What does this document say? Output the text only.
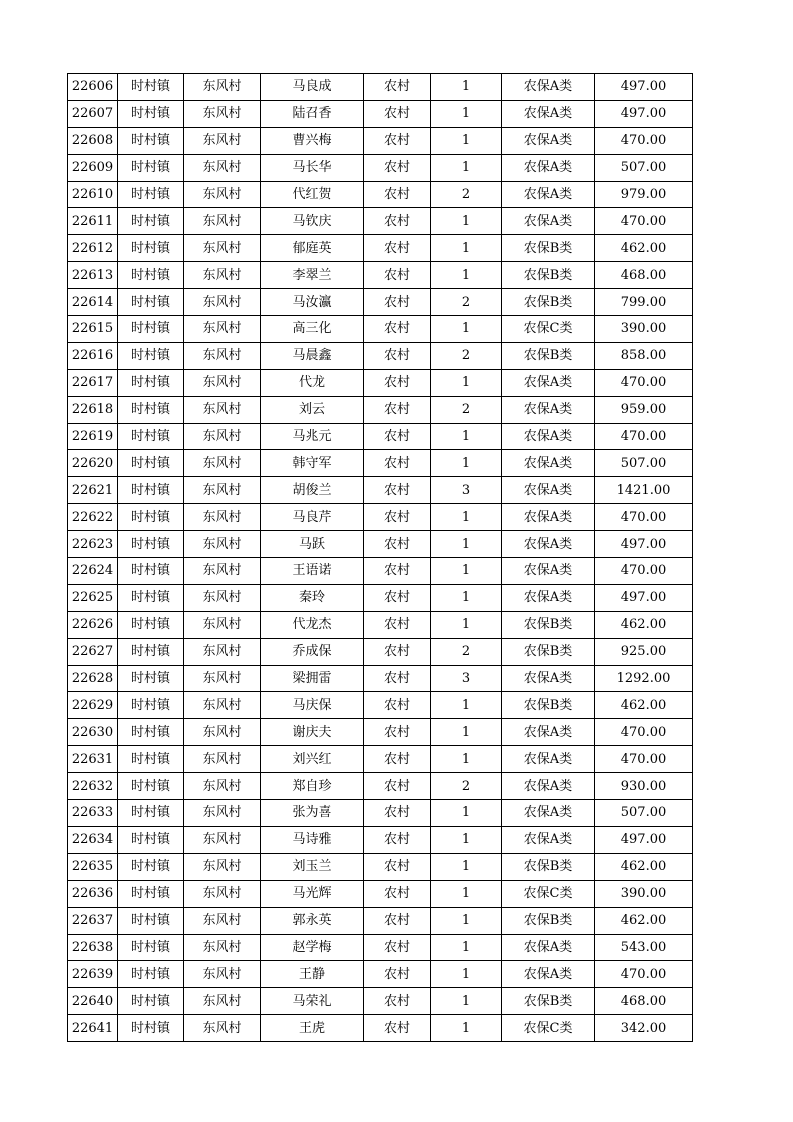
22606	时村镇	东风村	马良成	农村	1	农保A类	497.00
22607	时村镇	东风村	陆召香	农村	1	农保A类	497.00
22608	时村镇	东风村	曹兴梅	农村	1	农保A类	470.00
22609	时村镇	东风村	马长华	农村	1	农保A类	507.00
22610	时村镇	东风村	代红贺	农村	2	农保A类	979.00
22611	时村镇	东风村	马钦庆	农村	1	农保A类	470.00
22612	时村镇	东风村	郁庭英	农村	1	农保B类	462.00
22613	时村镇	东风村	李翠兰	农村	1	农保B类	468.00
22614	时村镇	东风村	马汝瀛	农村	2	农保B类	799.00
22615	时村镇	东风村	高三化	农村	1	农保C类	390.00
22616	时村镇	东风村	马晨鑫	农村	2	农保B类	858.00
22617	时村镇	东风村	代龙	农村	1	农保A类	470.00
22618	时村镇	东风村	刘云	农村	2	农保A类	959.00
22619	时村镇	东风村	马兆元	农村	1	农保A类	470.00
22620	时村镇	东风村	韩守军	农村	1	农保A类	507.00
22621	时村镇	东风村	胡俊兰	农村	3	农保A类	1421.00
22622	时村镇	东风村	马良芹	农村	1	农保A类	470.00
22623	时村镇	东风村	马跃	农村	1	农保A类	497.00
22624	时村镇	东风村	王语诺	农村	1	农保A类	470.00
22625	时村镇	东风村	秦玲	农村	1	农保A类	497.00
22626	时村镇	东风村	代龙杰	农村	1	农保B类	462.00
22627	时村镇	东风村	乔成保	农村	2	农保B类	925.00
22628	时村镇	东风村	梁拥雷	农村	3	农保A类	1292.00
22629	时村镇	东风村	马庆保	农村	1	农保B类	462.00
22630	时村镇	东风村	谢庆夫	农村	1	农保A类	470.00
22631	时村镇	东风村	刘兴红	农村	1	农保A类	470.00
22632	时村镇	东风村	郑自珍	农村	2	农保A类	930.00
22633	时村镇	东风村	张为喜	农村	1	农保A类	507.00
22634	时村镇	东风村	马诗雅	农村	1	农保A类	497.00
22635	时村镇	东风村	刘玉兰	农村	1	农保B类	462.00
22636	时村镇	东风村	马光辉	农村	1	农保C类	390.00
22637	时村镇	东风村	郭永英	农村	1	农保B类	462.00
22638	时村镇	东风村	赵学梅	农村	1	农保A类	543.00
22639	时村镇	东风村	王静	农村	1	农保A类	470.00
22640	时村镇	东风村	马荣礼	农村	1	农保B类	468.00
22641	时村镇	东风村	王虎	农村	1	农保C类	342.00
